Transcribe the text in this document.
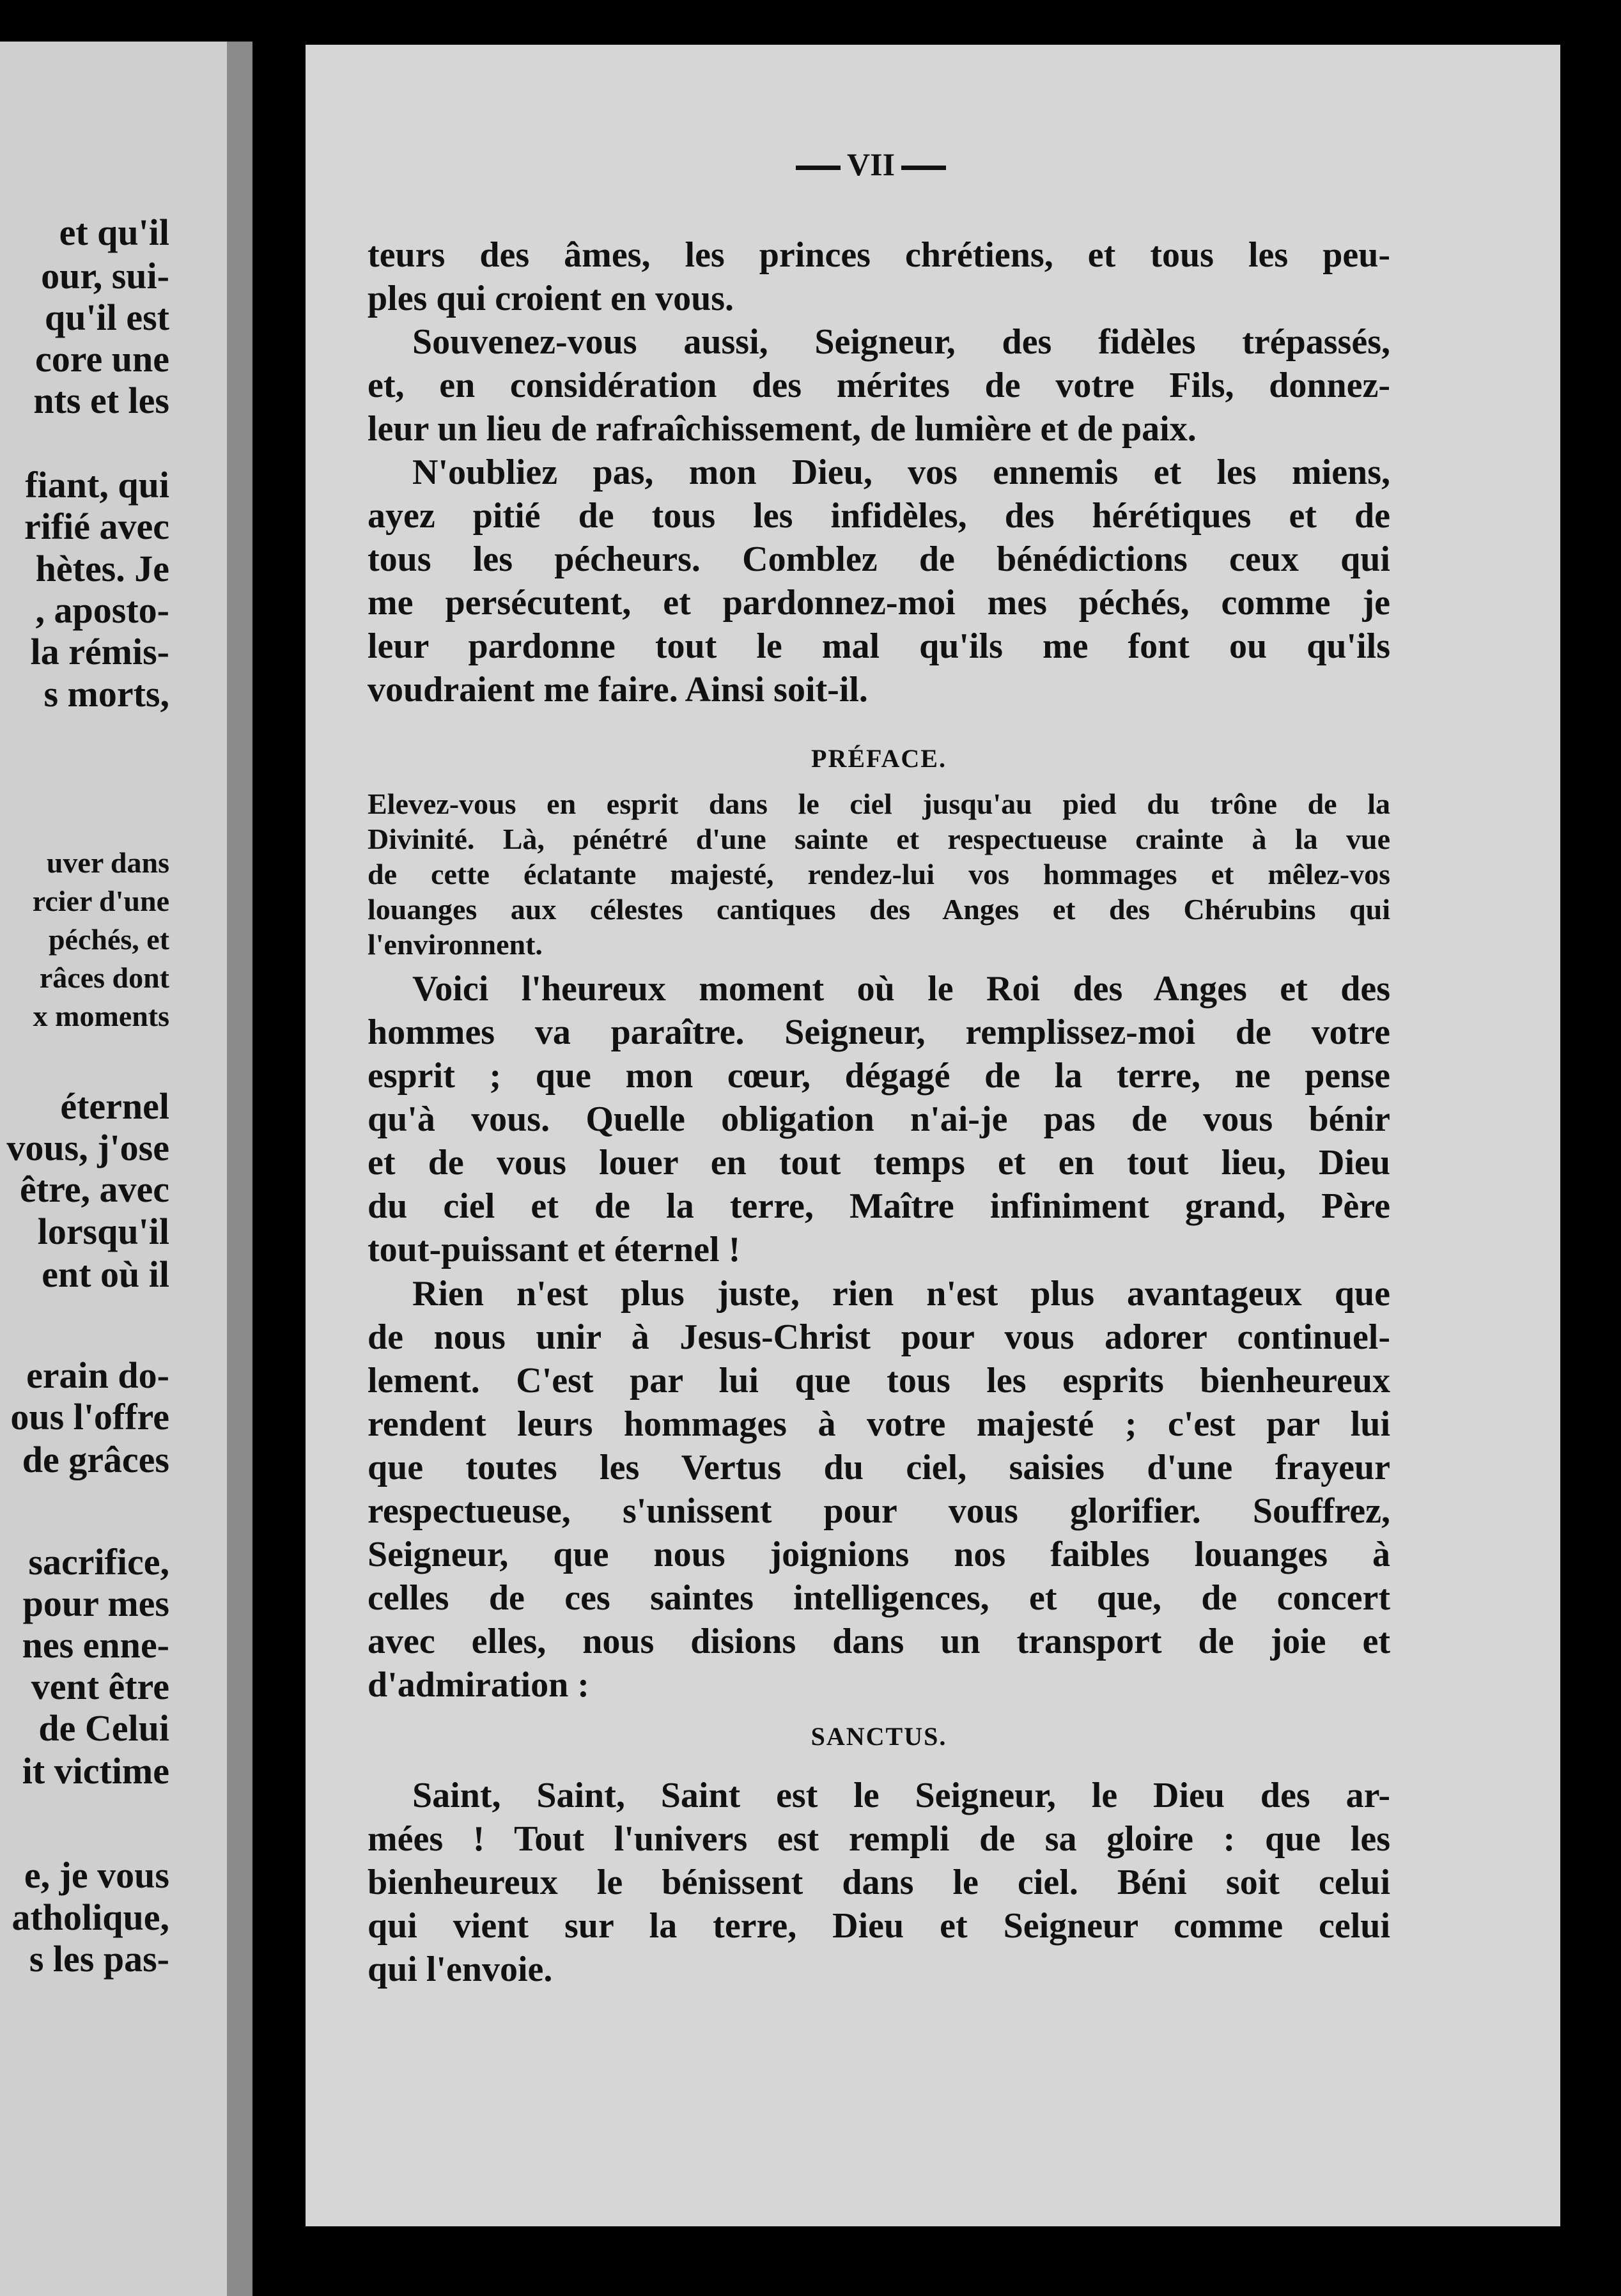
et qu'il
our, sui-
qu'il est
core une
nts et les
fiant, qui
rifié avec
hètes. Je
, aposto-
la rémis-
s morts,
uver dans
rcier d'une
péchés, et
râces dont
x moments
éternel
vous, j'ose
être, avec
lorsqu'il
ent où il
erain do-
ous l'offre
de grâces
sacrifice,
pour mes
nes enne-
vent être
de Celui
it victime
e, je vous
atholique,
s les pas-
VII
teurs des âmes, les princes chrétiens, et tous les peu-
ples qui croient en vous.
Souvenez-vous aussi, Seigneur, des fidèles trépassés,
et, en considération des mérites de votre Fils, donnez-
leur un lieu de rafraîchissement, de lumière et de paix.
N'oubliez pas, mon Dieu, vos ennemis et les miens,
ayez pitié de tous les infidèles, des hérétiques et de
tous les pécheurs. Comblez de bénédictions ceux qui
me persécutent, et pardonnez-moi mes péchés, comme je
leur pardonne tout le mal qu'ils me font ou qu'ils
voudraient me faire. Ainsi soit-il.
PRÉFACE.
Elevez-vous en esprit dans le ciel jusqu'au pied du trône de la
Divinité. Là, pénétré d'une sainte et respectueuse crainte à la vue
de cette éclatante majesté, rendez-lui vos hommages et mêlez-vos
louanges aux célestes cantiques des Anges et des Chérubins qui
l'environnent.
Voici l'heureux moment où le Roi des Anges et des
hommes va paraître. Seigneur, remplissez-moi de votre
esprit ; que mon cœur, dégagé de la terre, ne pense
qu'à vous. Quelle obligation n'ai-je pas de vous bénir
et de vous louer en tout temps et en tout lieu, Dieu
du ciel et de la terre, Maître infiniment grand, Père
tout-puissant et éternel !
Rien n'est plus juste, rien n'est plus avantageux que
de nous unir à Jesus-Christ pour vous adorer continuel-
lement. C'est par lui que tous les esprits bienheureux
rendent leurs hommages à votre majesté ; c'est par lui
que toutes les Vertus du ciel, saisies d'une frayeur
respectueuse, s'unissent pour vous glorifier. Souffrez,
Seigneur, que nous joignions nos faibles louanges à
celles de ces saintes intelligences, et que, de concert
avec elles, nous disions dans un transport de joie et
d'admiration :
SANCTUS.
Saint, Saint, Saint est le Seigneur, le Dieu des ar-
mées ! Tout l'univers est rempli de sa gloire : que les
bienheureux le bénissent dans le ciel. Béni soit celui
qui vient sur la terre, Dieu et Seigneur comme celui
qui l'envoie.
